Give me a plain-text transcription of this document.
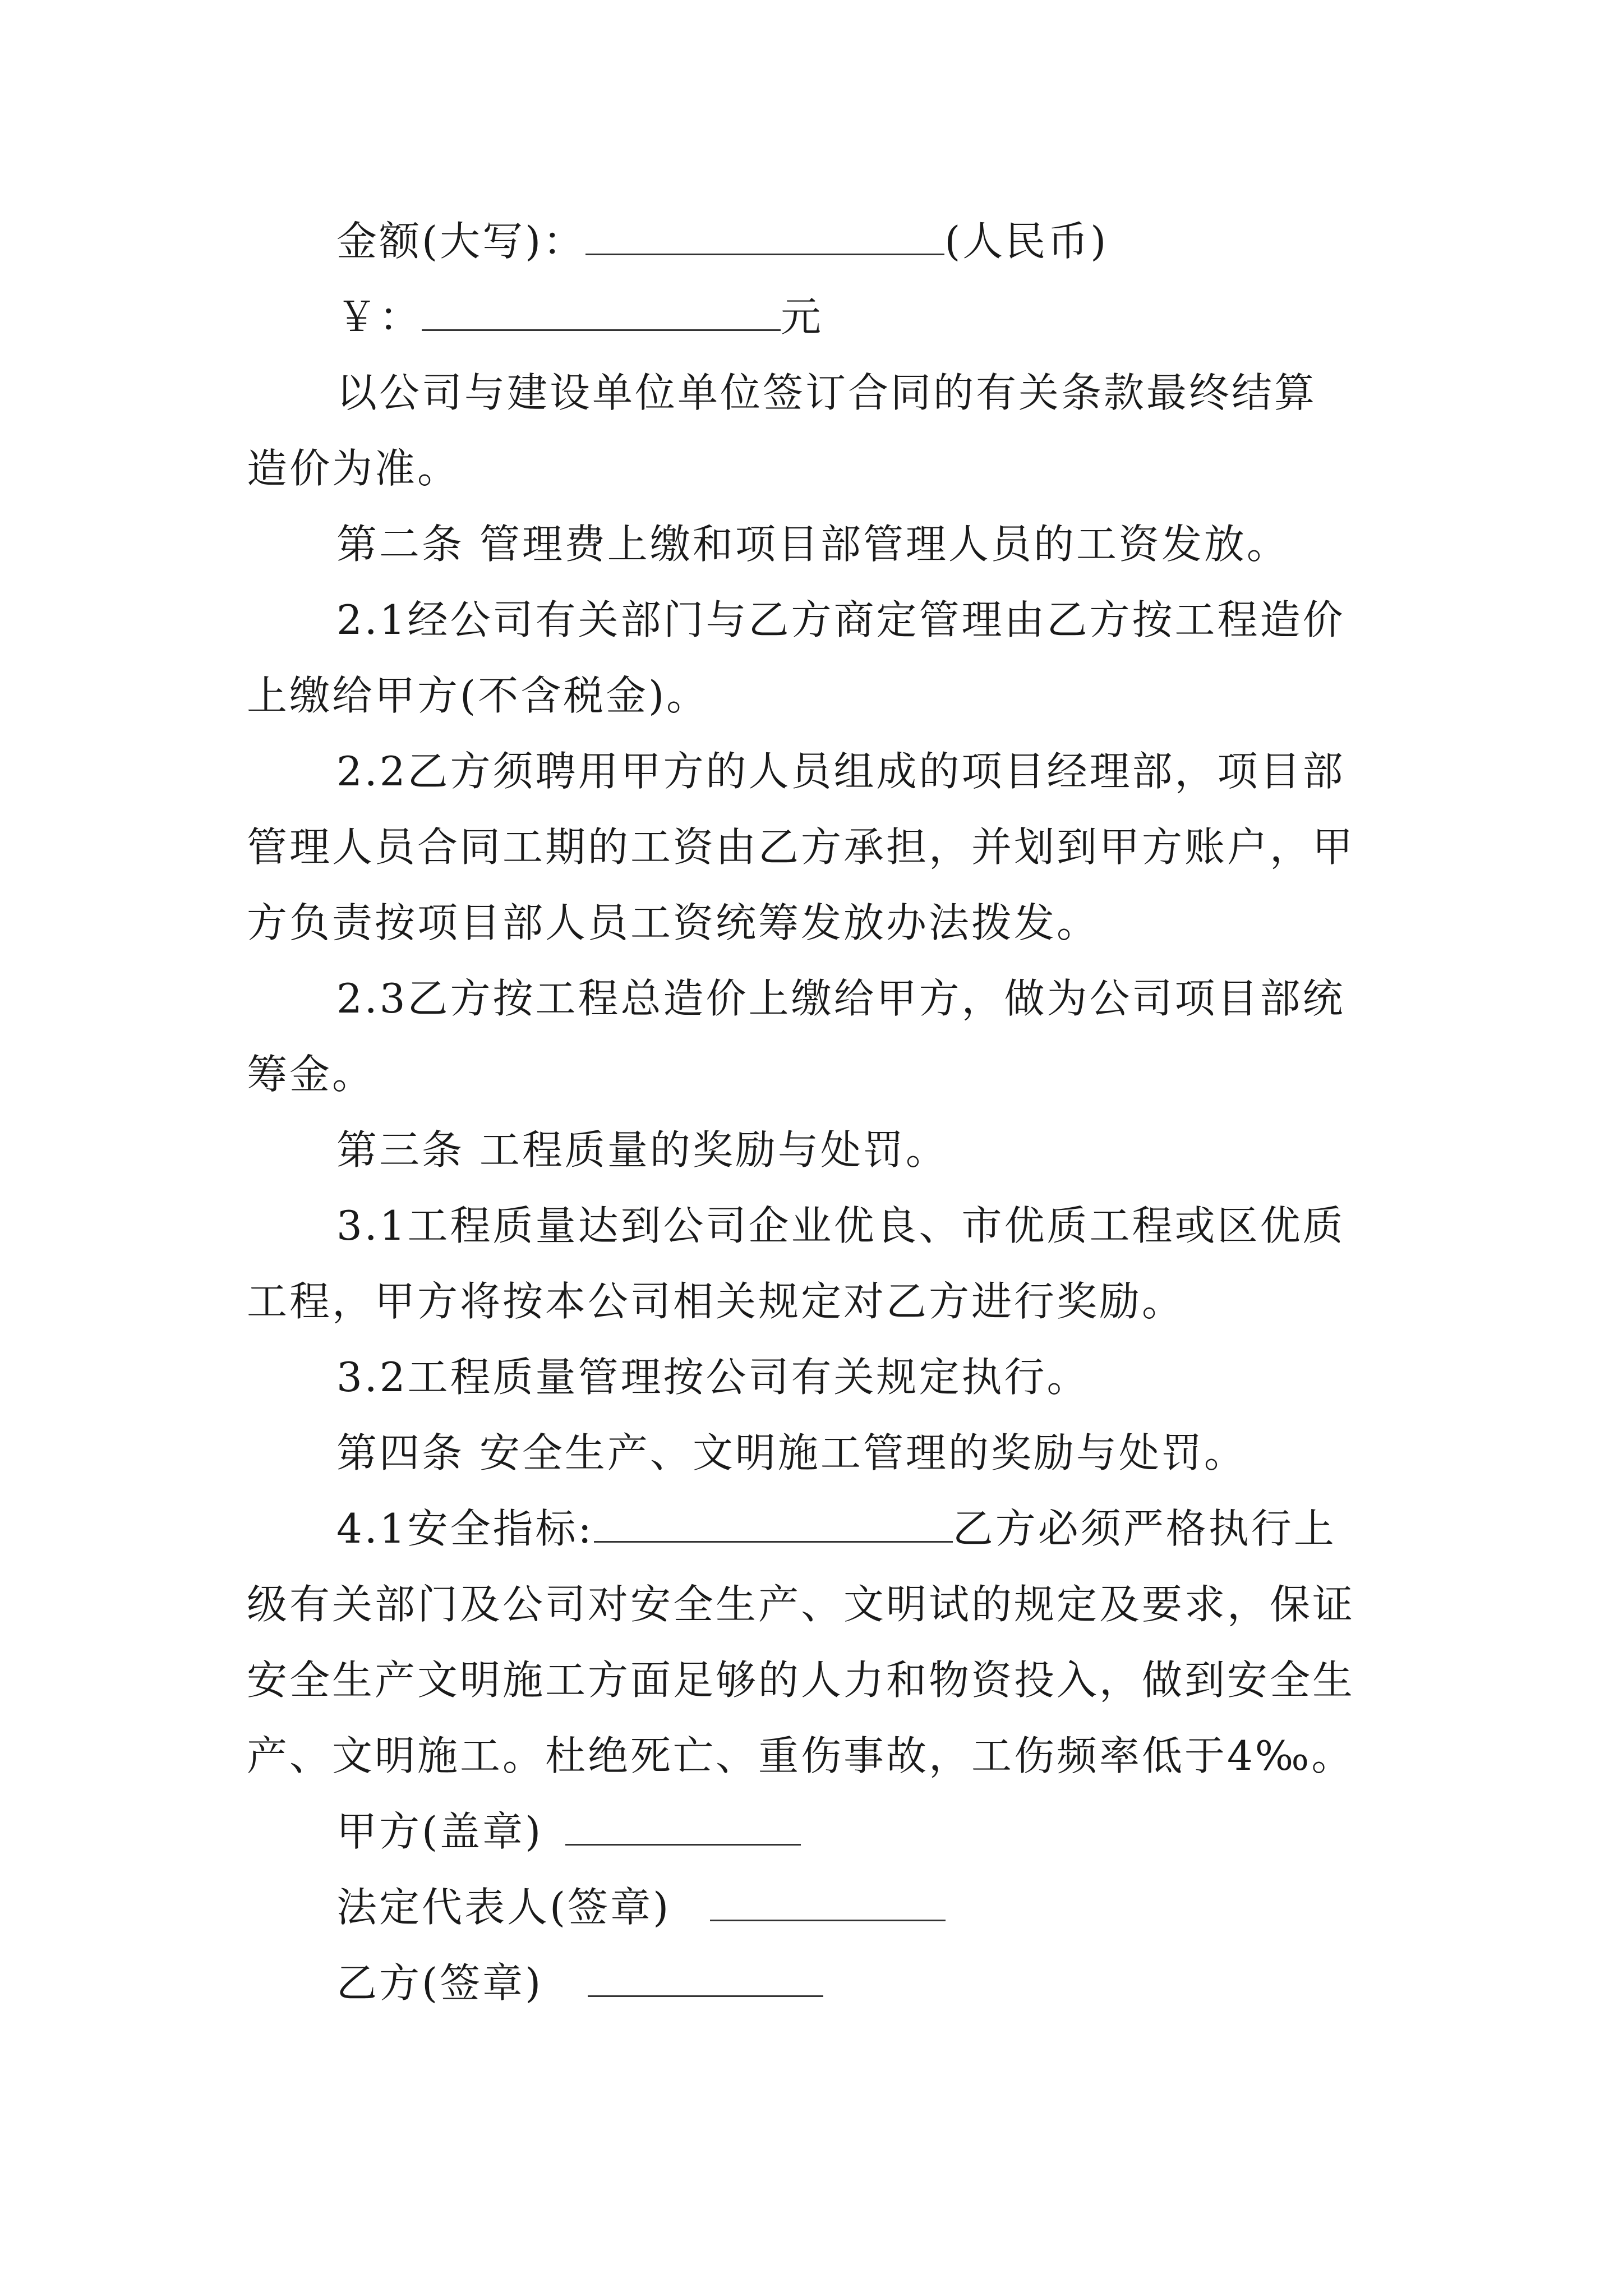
金额(大写)：	(人民币)
￥：	元
以公司与建设单位单位签订合同的有关条款最终结算
造价为准。
第二条 管理费上缴和项目部管理人员的工资发放。
2.1经公司有关部门与乙方商定管理由乙方按工程造价
上缴给甲方(不含税金)。
2.2乙方须聘用甲方的人员组成的项目经理部，项目部
管理人员合同工期的工资由乙方承担，并划到甲方账户，甲
方负责按项目部人员工资统筹发放办法拨发。
2.3乙方按工程总造价上缴给甲方，做为公司项目部统
筹金。
第三条 工程质量的奖励与处罚。
3.1工程质量达到公司企业优良、市优质工程或区优质
工程，甲方将按本公司相关规定对乙方进行奖励。
3.2工程质量管理按公司有关规定执行。
第四条 安全生产、文明施工管理的奖励与处罚。
4.1安全指标:	乙方必须严格执行上
级有关部门及公司对安全生产、文明试的规定及要求，保证
安全生产文明施工方面足够的人力和物资投入，做到安全生
产、文明施工。杜绝死亡、重伤事故，工伤频率低于4‰。
甲方(盖章)
法定代表人(签章)
乙方(签章)
